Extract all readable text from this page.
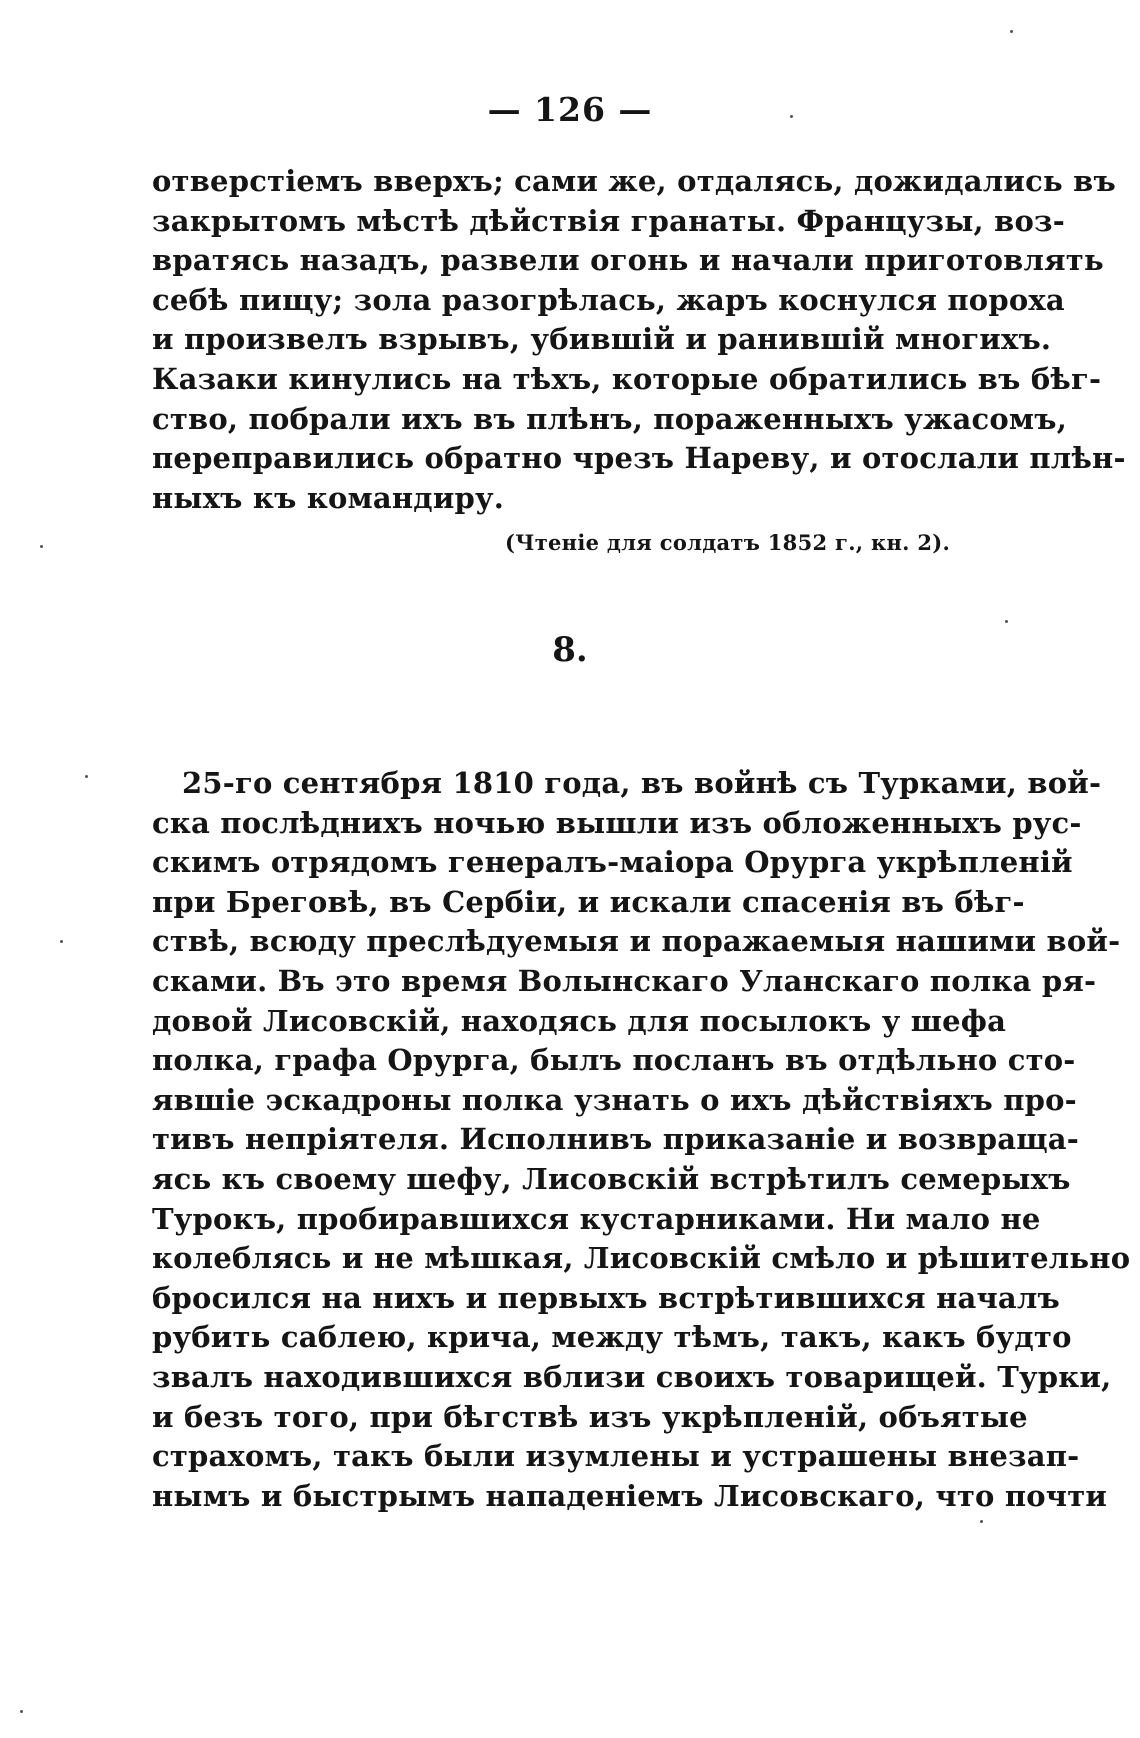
— 126 —
отверстіемъ вверхъ; сами же, отдалясь, дожидались въ
закрытомъ мѣстѣ дѣйствія гранаты. Французы, воз-
вратясь назадъ, развели огонь и начали приготовлять
себѣ пищу; зола разогрѣлась, жаръ коснулся пороха
и произвелъ взрывъ, убившій и ранившій многихъ.
Казаки кинулись на тѣхъ, которые обратились въ бѣг-
ство, побрали ихъ въ плѣнъ, пораженныхъ ужасомъ,
переправились обратно чрезъ Нареву, и отослали плѣн-
ныхъ къ командиру.
(Чтеніе для солдатъ 1852 г., кн. 2).
8.
25-го сентября 1810 года, въ войнѣ съ Турками, вой-
ска послѣднихъ ночью вышли изъ обложенныхъ рус-
скимъ отрядомъ генералъ-маіора Орурга укрѣпленій
при Бреговѣ, въ Сербіи, и искали спасенія въ бѣг-
ствѣ, всюду преслѣдуемыя и поражаемыя нашими вой-
сками. Въ это время Волынскаго Уланскаго полка ря-
довой Лисовскій, находясь для посылокъ у шефа
полка, графа Орурга, былъ посланъ въ отдѣльно сто-
явшіе эскадроны полка узнать о ихъ дѣйствіяхъ про-
тивъ непріятеля. Исполнивъ приказаніе и возвраща-
ясь къ своему шефу, Лисовскій встрѣтилъ семерыхъ
Турокъ, пробиравшихся кустарниками. Ни мало не
колеблясь и не мѣшкая, Лисовскій смѣло и рѣшительно
бросился на нихъ и первыхъ встрѣтившихся началъ
рубить саблею, крича, между тѣмъ, такъ, какъ будто
звалъ находившихся вблизи своихъ товарищей. Турки,
и безъ того, при бѣгствѣ изъ укрѣпленій, объятые
страхомъ, такъ были изумлены и устрашены внезап-
нымъ и быстрымъ нападеніемъ Лисовскаго, что почти
